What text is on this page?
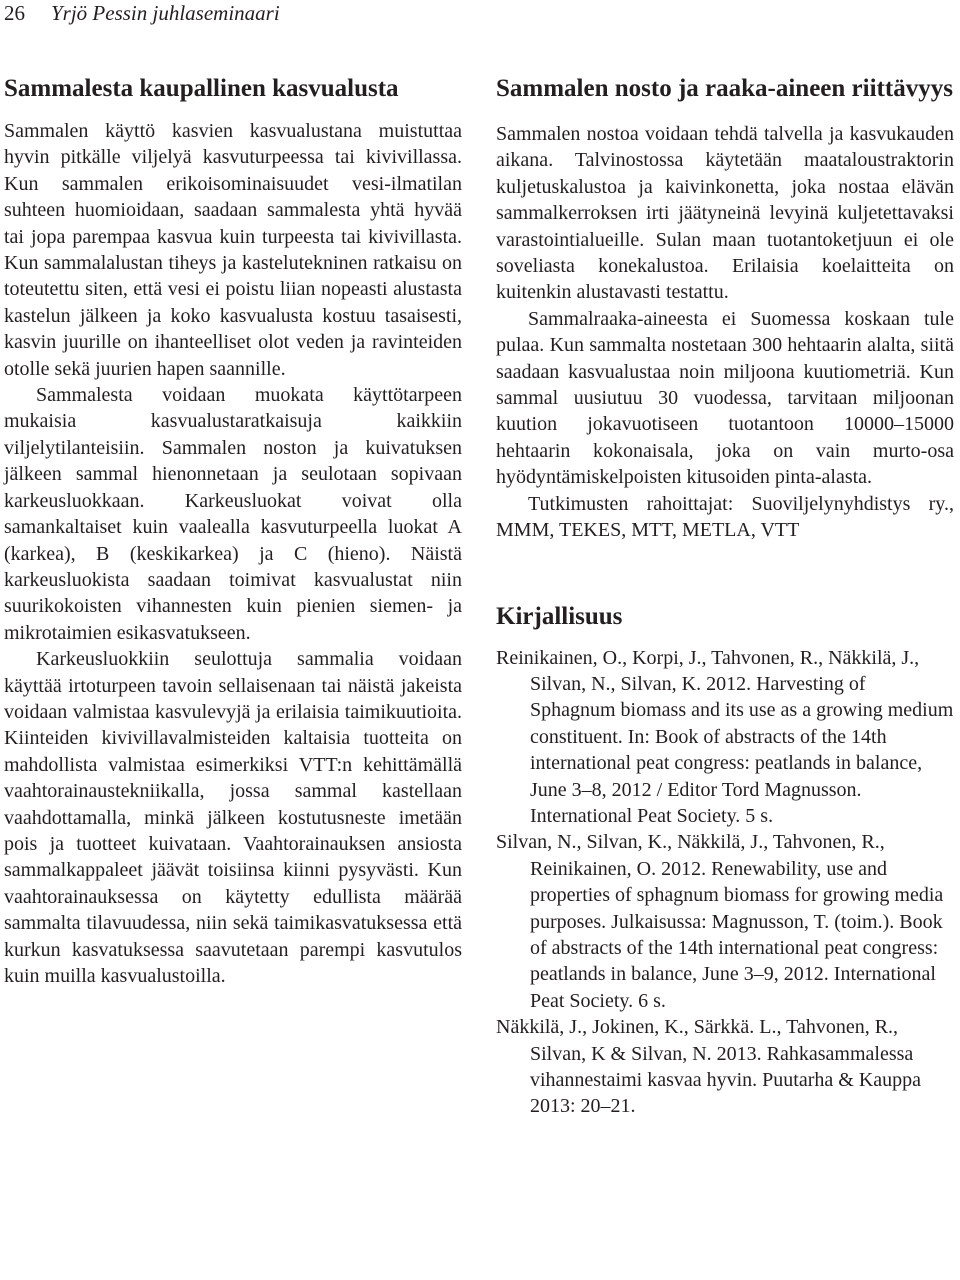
26 Yrjö Pessin juhlaseminaari
Sammalesta kaupallinen kasvualusta

Sammalen käyttö kasvien kasvualustana muistuttaa hyvin pitkälle viljelyä kasvuturpeessa tai kivivillassa. Kun sammalen erikoisominaisuudet vesi-ilmatilan suhteen huomioidaan, saadaan sammalesta yhtä hyvää tai jopa parempaa kasvua kuin turpeesta tai kivivillasta. Kun sammalalustan tiheys ja kastelutekninen ratkaisu on toteutettu siten, että vesi ei poistu liian nopeasti alustasta kastelun jälkeen ja koko kasvualusta kostuu tasaisesti, kasvin juurille on ihanteelliset olot veden ja ravinteiden otolle sekä juurien hapen saannille.

Sammalesta voidaan muokata käyttötarpeen mukaisia kasvualustaratkaisuja kaikkiin viljelytilanteisiin. Sammalen noston ja kuivatuksen jälkeen sammal hienonnetaan ja seulotaan sopivaan karkeusluokkaan. Karkeusluokat voivat olla samankaltaiset kuin vaalealla kasvuturpeella luokat A (karkea), B (keskikarkea) ja C (hieno). Näistä karkeusluokista saadaan toimivat kasvualustat niin suurikokoisten vihannesten kuin pienien siemen- ja mikrotaimien esikasvatukseen.

Karkeusluokkiin seulottuja sammalia voidaan käyttää irtoturpeen tavoin sellaisenaan tai näistä jakeista voidaan valmistaa kasvulevyjä ja erilaisia taimikuutioita. Kiinteiden kivivillavalmisteiden kaltaisia tuotteita on mahdollista valmistaa esimerkiksi VTT:n kehittämällä vaahtorainaustekniikalla, jossa sammal kastellaan vaahdottamalla, minkä jälkeen kostutusneste imetään pois ja tuotteet kuivataan. Vaahtorainauksen ansiosta sammalkappaleet jäävät toisiinsa kiinni pysyvästi. Kun vaahtorainauksessa on käytetty edullista määrää sammalta tilavuudessa, niin sekä taimikasvatuksessa että kurkun kasvatuksessa saavutetaan parempi kasvutulos kuin muilla kasvualustoilla.

Sammalen nosto ja raaka-aineen riittävyys

Sammalen nostoa voidaan tehdä talvella ja kasvukauden aikana. Talvinostossa käytetään maataloustraktorin kuljetuskalustoa ja kaivinkonetta, joka nostaa elävän sammalkerroksen irti jäätyneinä levyinä kuljetettavaksi varastointialueille. Sulan maan tuotantoketjuun ei ole soveliasta konekalustoa. Erilaisia koelaitteita on kuitenkin alustavasti testattu.

Sammalraaka-aineesta ei Suomessa koskaan tule pulaa. Kun sammalta nostetaan 300 hehtaarin alalta, siitä saadaan kasvualustaa noin miljoona kuutiometriä. Kun sammal uusiutuu 30 vuodessa, tarvitaan miljoonan kuution jokavuotiseen tuotantoon 10000–15000 hehtaarin kokonaisala, joka on vain murto-osa hyödyntämiskelpoisten kitusoiden pinta-alasta.

Tutkimusten rahoittajat: Suoviljelynyhdistys ry., MMM, TEKES, MTT, METLA, VTT

Kirjallisuus

Reinikainen, O., Korpi, J., Tahvonen, R., Näkkilä, J., Silvan, N., Silvan, K. 2012. Harvesting of Sphagnum biomass and its use as a growing medium constituent. In: Book of abstracts of the 14th international peat congress: peatlands in balance, June 3–8, 2012 / Editor Tord Magnusson. International Peat Society. 5 s.

Silvan, N., Silvan, K., Näkkilä, J., Tahvonen, R., Reinikainen, O. 2012. Renewability, use and properties of sphagnum biomass for growing media purposes. Julkaisussa: Magnusson, T. (toim.). Book of abstracts of the 14th international peat congress: peatlands in balance, June 3–9, 2012. International Peat Society. 6 s.

Näkkilä, J., Jokinen, K., Särkkä. L., Tahvonen, R., Silvan, K & Silvan, N. 2013. Rahkasammalessa vihannestaimi kasvaa hyvin. Puutarha & Kauppa 2013: 20–21.
